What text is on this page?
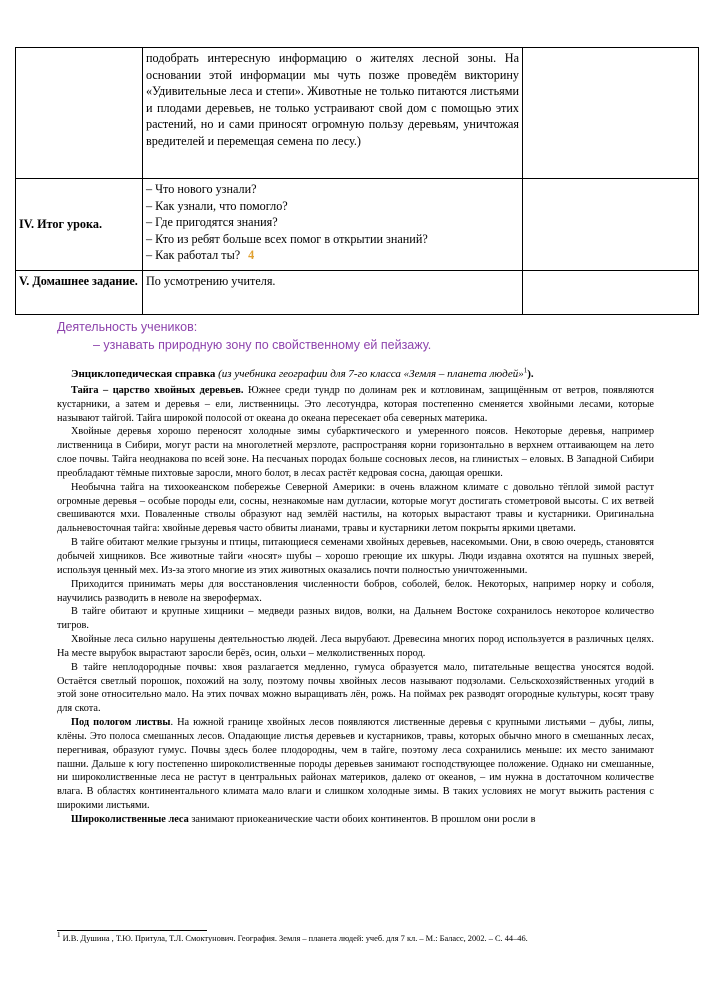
	подобрать интересную информацию о жителях лесной зоны. На основании этой информации мы чуть позже проведём викторину «Удивительные леса и степи». Животные не только питаются листьями и плодами деревьев, не только устраивают свой дом с помощью этих растений, но и сами приносят огромную пользу деревьям, уничтожая вредителей и перемещая семена по лесу.)	
IV. Итог урока.	– Что нового узнали?
– Как узнали, что помогло?
– Где пригодятся знания?
– Кто из ребят больше всех помог в открытии знаний?
– Как работал ты? 4	

V. Домашнее задание.	По усмотрению учителя.	
Деятельность учеников:
– узнавать природную зону по свойственному ей пейзажу.

Энциклопедическая справка (из учебника географии для 7-го класса «Земля – планета людей»$^1$).

Тайга – царство хвойных деревьев. Южнее среди тундр по долинам рек и котловинам, защищённым от ветров, появляются кустарники, а затем и деревья – ели, лиственницы. Это лесотундра, которая постепенно сменяется хвойными лесами, которые называют тайгой. Тайга широкой полосой от океана до океана пересекает оба северных материка.

Хвойные деревья хорошо переносят холодные зимы субарктического и умеренного поясов. Некоторые деревья, например лиственница в Сибири, могут расти на многолетней мерзлоте, распространяя корни горизонтально в верхнем оттаивающем на лето слое почвы. Тайга неоднакова по всей зоне. На песчаных породах больше сосновых лесов, на глинистых – еловых. В Западной Сибири преобладают тёмные пихтовые заросли, много болот, в лесах растёт кедровая сосна, дающая орешки.

Необычна тайга на тихоокеанском побережье Северной Америки: в очень влажном климате с довольно тёплой зимой растут огромные деревья – особые породы ели, сосны, незнакомые нам дугласии, которые могут достигать стометровой высоты. С их ветвей свешиваются мхи. Поваленные стволы образуют над землёй настилы, на которых вырастают травы и кустарники. Оригинальна дальневосточная тайга: хвойные деревья часто обвиты лианами, травы и кустарники летом покрыты яркими цветами.

В тайге обитают мелкие грызуны и птицы, питающиеся семенами хвойных деревьев, насекомыми. Они, в свою очередь, становятся добычей хищников. Все животные тайги «носят» шубы – хорошо греющие их шкуры. Люди издавна охотятся на пушных зверей, используя ценный мех. Из-за этого многие из этих животных оказались почти полностью уничтоженными.

Приходится принимать меры для восстановления численности бобров, соболей, белок. Некоторых, например норку и соболя, научились разводить в неволе на зверофермах.

В тайге обитают и крупные хищники – медведи разных видов, волки, на Дальнем Востоке сохранилось некоторое количество тигров.

Хвойные леса сильно нарушены деятельностью людей. Леса вырубают. Древесина многих пород используется в различных целях. На месте вырубок вырастают заросли берёз, осин, ольхи – мелколиственных пород.

В тайге неплодородные почвы: хвоя разлагается медленно, гумуса образуется мало, питательные вещества уносятся водой. Остаётся светлый порошок, похожий на золу, поэтому почвы хвойных лесов называют подзолами. Сельскохозяйственных угодий в этой зоне относительно мало. На этих почвах можно выращивать лён, рожь. На поймах рек разводят огородные культуры, косят траву для скота.

Под пологом листвы. На южной границе хвойных лесов появляются лиственные деревья с крупными листьями – дубы, липы, клёны. Это полоса смешанных лесов. Опадающие листья деревьев и кустарников, травы, которых обычно много в смешанных лесах, перегнивая, образуют гумус. Почвы здесь более плодородны, чем в тайге, поэтому леса сохранились меньше: их место занимают пашни. Дальше к югу постепенно широколиственные породы деревьев занимают господствующее положение. Однако ни смешанные, ни широколиственные леса не растут в центральных районах материков, далеко от океанов, – им нужна в достаточном количестве влага. В областях континентального климата мало влаги и слишком холодные зимы. В таких условиях не могут выжить растения с широкими листьями.

Широколиственные леса занимают приокеанические части обоих континентов. В прошлом они росли в

$^1$ И.В. Душина , Т.Ю. Притула, Т.Л. Смоктунович. География. Земля – планета людей: учеб. для 7 кл. – М.: Баласс, 2002. – С. 44–46.
